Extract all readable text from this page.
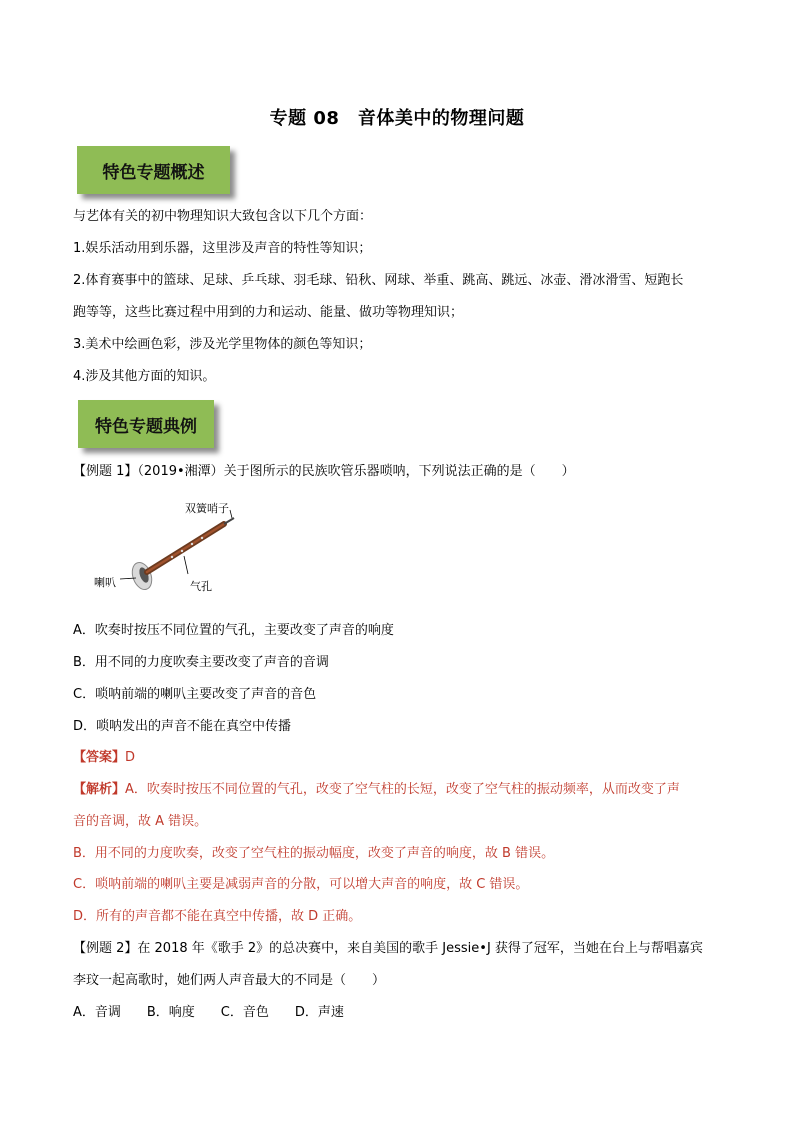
专题 08　音体美中的物理问题
特色专题概述
与艺体有关的初中物理知识大致包含以下几个方面：
1.娱乐活动用到乐器，这里涉及声音的特性等知识；
2.体育赛事中的篮球、足球、乒乓球、羽毛球、铅秋、网球、举重、跳高、跳远、冰壶、滑冰滑雪、短跑长
跑等等，这些比赛过程中用到的力和运动、能量、做功等物理知识；
3.美术中绘画色彩，涉及光学里物体的颜色等知识；
4.涉及其他方面的知识。
特色专题典例
【例题 1】（2019•湘潭）关于图所示的民族吹管乐器唢呐，下列说法正确的是（　　）
双簧哨子
喇叭	气孔
A．吹奏时按压不同位置的气孔，主要改变了声音的响度
B．用不同的力度吹奏主要改变了声音的音调
C．唢呐前端的喇叭主要改变了声音的音色
D．唢呐发出的声音不能在真空中传播
【答案】D
【解析】A．吹奏时按压不同位置的气孔，改变了空气柱的长短，改变了空气柱的振动频率，从而改变了声
音的音调，故 A 错误。
B．用不同的力度吹奏，改变了空气柱的振动幅度，改变了声音的响度，故 B 错误。
C．唢呐前端的喇叭主要是减弱声音的分散，可以增大声音的响度，故 C 错误。
D．所有的声音都不能在真空中传播，故 D 正确。
【例题 2】在 2018 年《歌手 2》的总决赛中，来自美国的歌手 Jessie•J 获得了冠军，当她在台上与帮唱嘉宾
李玟一起高歌时，她们两人声音最大的不同是（　　）
A．音调　　B．响度　　C．音色　　D．声速
